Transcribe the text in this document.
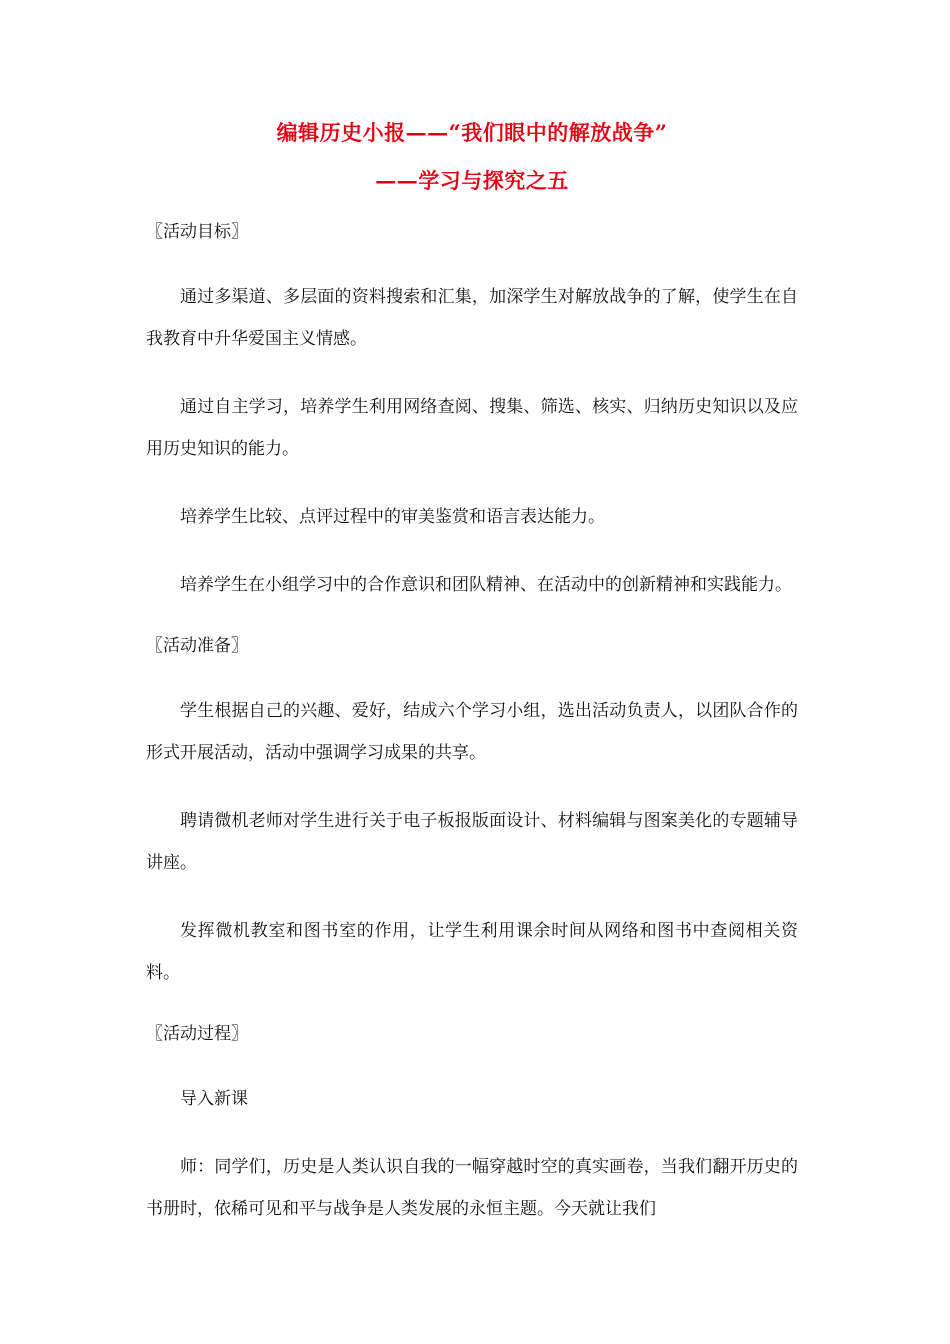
编辑历史小报——“我们眼中的解放战争”
——学习与探究之五
〖活动目标〗

通过多渠道、多层面的资料搜索和汇集，加深学生对解放战争的了解，使学生在自我教育中升华爱国主义情感。

通过自主学习，培养学生利用网络查阅、搜集、筛选、核实、归纳历史知识以及应用历史知识的能力。

培养学生比较、点评过程中的审美鉴赏和语言表达能力。

培养学生在小组学习中的合作意识和团队精神、在活动中的创新精神和实践能力。

〖活动准备〗

学生根据自己的兴趣、爱好，结成六个学习小组，选出活动负责人，以团队合作的形式开展活动，活动中强调学习成果的共享。

聘请微机老师对学生进行关于电子板报版面设计、材料编辑与图案美化的专题辅导讲座。

发挥微机教室和图书室的作用，让学生利用课余时间从网络和图书中查阅相关资料。

〖活动过程〗

导入新课

师：同学们，历史是人类认识自我的一幅穿越时空的真实画卷，当我们翻开历史的书册时，依稀可见和平与战争是人类发展的永恒主题。今天就让我们
